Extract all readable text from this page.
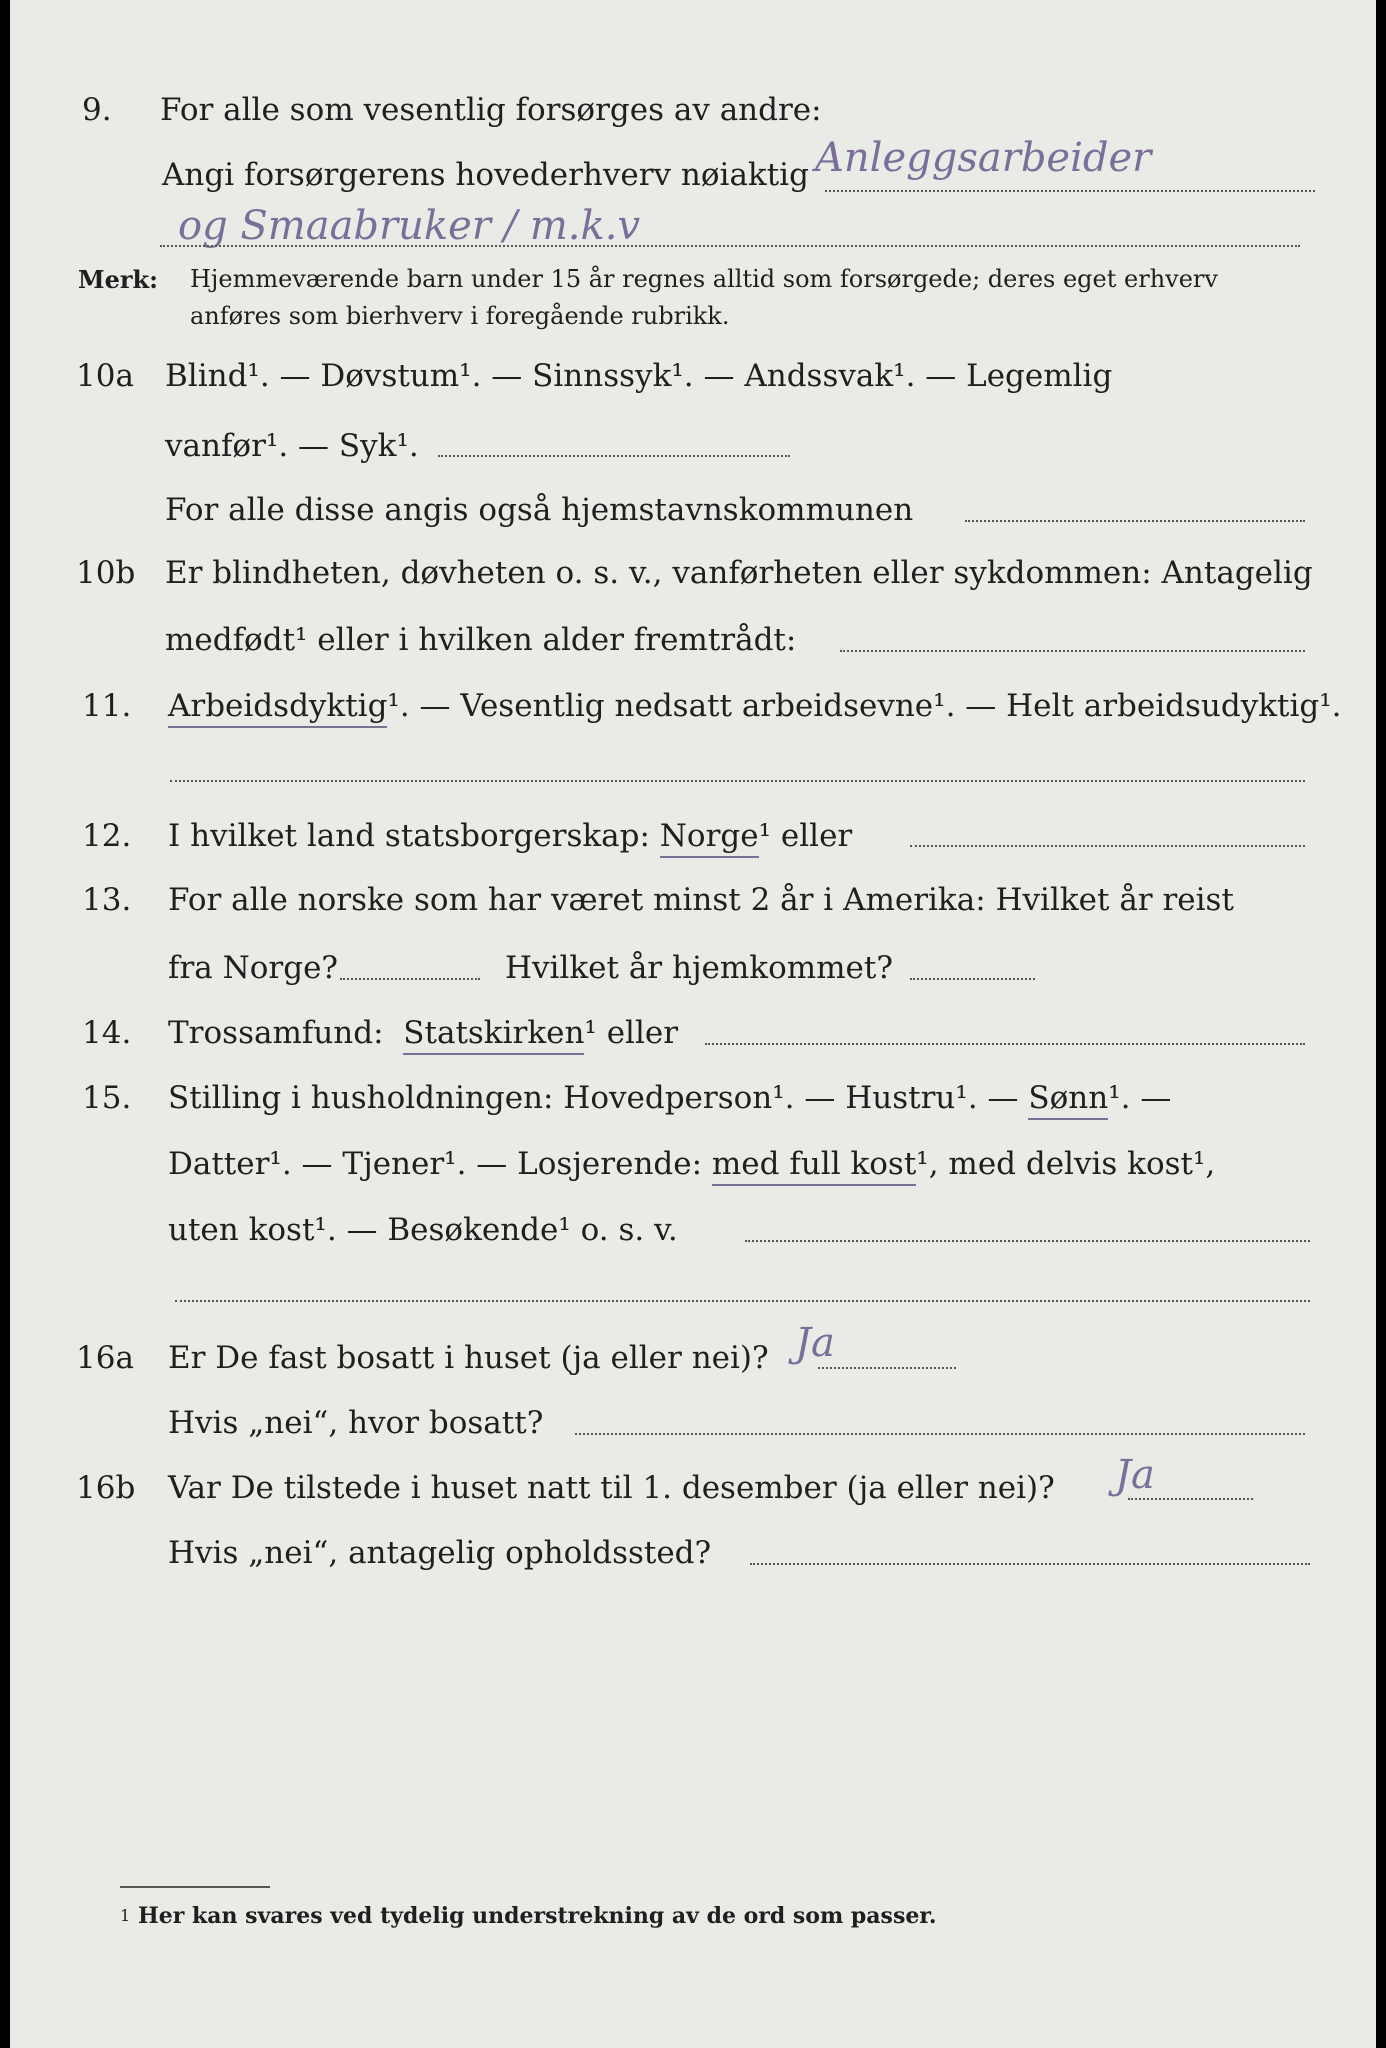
9. For alle som vesentlig forsørges av andre:
Angi forsørgerens hovederhverv nøiaktig Anleggsarbeider
og Smaabruker / m.k.v
Merk: Hjemmeværende barn under 15 år regnes alltid som forsørgede; deres eget erhverv
anføres som bierhverv i foregående rubrikk.
10a Blind¹. — Døvstum¹. — Sinnssyk¹. — Andssvak¹. — Legemlig
vanfør¹. — Syk¹.
For alle disse angis også hjemstavnskommunen
10b Er blindheten, døvheten o. s. v., vanførheten eller sykdommen: Antagelig
medfødt¹ eller i hvilken alder fremtrådt:
11. Arbeidsdyktig¹. — Vesentlig nedsatt arbeidsevne¹. — Helt arbeidsudyktig¹.
12. I hvilket land statsborgerskap: Norge¹ eller
13. For alle norske som har været minst 2 år i Amerika: Hvilket år reist
fra Norge?	Hvilket år hjemkommet?
14. Trossamfund: Statskirken¹ eller
15. Stilling i husholdningen: Hovedperson¹. — Hustru¹. — Sønn¹. —
Datter¹. — Tjener¹. — Losjerende: med full kost¹, med delvis kost¹,
uten kost¹. — Besøkende¹ o. s. v.
16a Er De fast bosatt i huset (ja eller nei)? Ja
Hvis „nei“, hvor bosatt?
16b Var De tilstede i huset natt til 1. desember (ja eller nei)? Ja
Hvis „nei“, antagelig opholdssted?
1 Her kan svares ved tydelig understrekning av de ord som passer.
